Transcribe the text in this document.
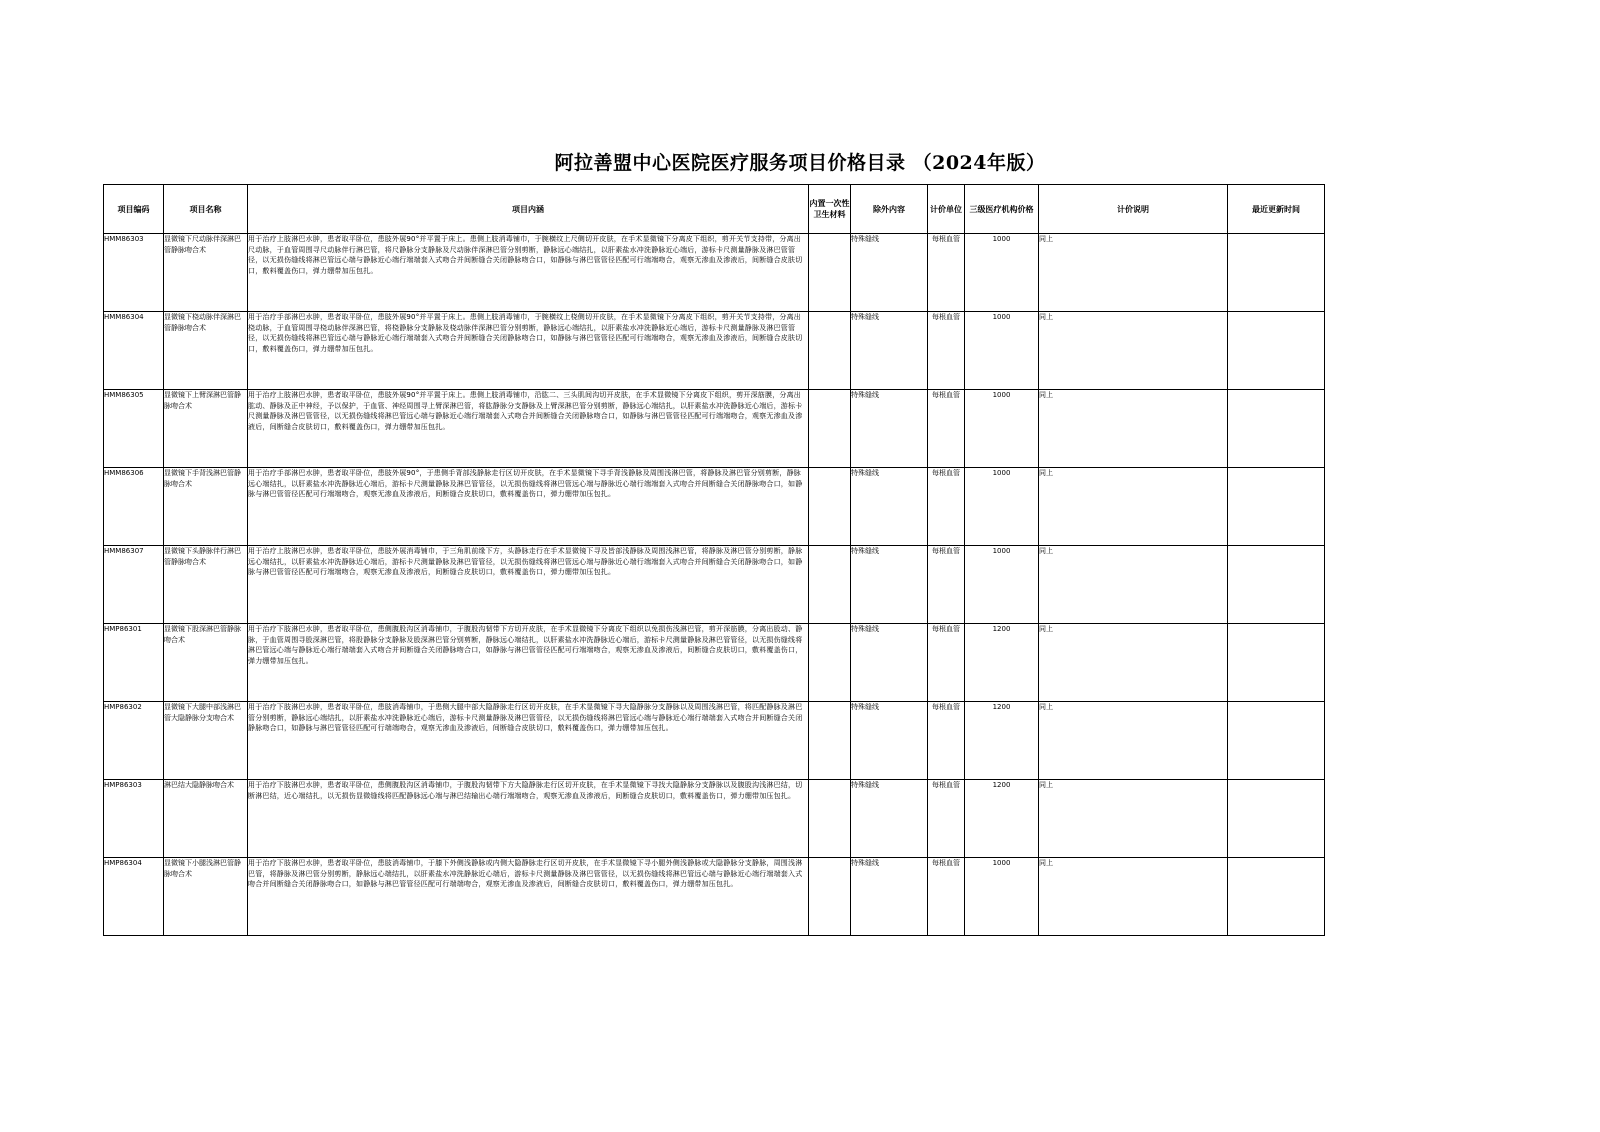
阿拉善盟中心医院医疗服务项目价格目录 （2024年版）
项目编码	项目名称	项目内涵	内置一次性卫生材料	除外内容	计价单位	三级医疗机构价格	计价说明	最近更新时间
HMM86303	显微镜下尺动脉伴深淋巴管静脉吻合术	用于治疗上肢淋巴水肿，患者取平卧位，患肢外展90°并平置于床上。患侧上肢消毒铺巾，于腕横纹上尺侧切开皮肤，在手术显微镜下分离皮下组织，剪开关节支持带，分离出尺动脉，于血管周围寻尺动脉伴行淋巴管，将尺静脉分支静脉及尺动脉伴深淋巴管分别剪断，静脉远心端结扎，以肝素盐水冲洗静脉近心端后，游标卡尺测量静脉及淋巴管管径，以无损伤缝线将淋巴管远心端与静脉近心端行端端套入式吻合并间断缝合关闭静脉吻合口，如静脉与淋巴管管径匹配可行端端吻合，观察无渗血及渗液后，间断缝合皮肤切口，敷料覆盖伤口，弹力绷带加压包扎。		特殊缝线	每根血管	1000	同上	
HMM86304	显微镜下桡动脉伴深淋巴管静脉吻合术	用于治疗手部淋巴水肿，患者取平卧位，患肢外展90°并平置于床上。患侧上肢消毒铺巾，于腕横纹上桡侧切开皮肤，在手术显微镜下分离皮下组织，剪开关节支持带，分离出桡动脉，于血管周围寻桡动脉伴深淋巴管，将桡静脉分支静脉及桡动脉伴深淋巴管分别剪断，静脉远心端结扎，以肝素盐水冲洗静脉近心端后，游标卡尺测量静脉及淋巴管管径，以无损伤缝线将淋巴管远心端与静脉近心端行端端套入式吻合并间断缝合关闭静脉吻合口，如静脉与淋巴管管径匹配可行端端吻合，观察无渗血及渗液后，间断缝合皮肤切口，敷料覆盖伤口，弹力绷带加压包扎。		特殊缝线	每根血管	1000	同上	
HMM86305	显微镜下上臂深淋巴管静脉吻合术	用于治疗上肢淋巴水肿，患者取平卧位，患肢外展90°并平置于床上。患侧上肢消毒铺巾，沿肱二、三头肌间沟切开皮肤，在手术显微镜下分离皮下组织，剪开深筋膜，分离出肱动、静脉及正中神经，予以保护，于血管、神经周围寻上臂深淋巴管，将肱静脉分支静脉及上臂深淋巴管分别剪断，静脉远心端结扎，以肝素盐水冲洗静脉近心端后，游标卡尺测量静脉及淋巴管管径，以无损伤缝线将淋巴管远心端与静脉近心端行端端套入式吻合并间断缝合关闭静脉吻合口，如静脉与淋巴管管径匹配可行端端吻合，观察无渗血及渗液后，间断缝合皮肤切口，敷料覆盖伤口，弹力绷带加压包扎。		特殊缝线	每根血管	1000	同上	
HMM86306	显微镜下手背浅淋巴管静脉吻合术	用于治疗手部淋巴水肿，患者取平卧位，患肢外展90°，于患侧手背部浅静脉走行区切开皮肤，在手术显微镜下寻手背浅静脉及周围浅淋巴管，将静脉及淋巴管分别剪断，静脉远心端结扎，以肝素盐水冲洗静脉近心端后，游标卡尺测量静脉及淋巴管管径，以无损伤缝线将淋巴管远心端与静脉近心端行端端套入式吻合并间断缝合关闭静脉吻合口，如静脉与淋巴管管径匹配可行端端吻合，观察无渗血及渗液后，间断缝合皮肤切口，敷料覆盖伤口，弹力绷带加压包扎。		特殊缝线	每根血管	1000	同上	
HMM86307	显微镜下头静脉伴行淋巴管静脉吻合术	用于治疗上肢淋巴水肿，患者取平卧位，患肢外展消毒铺巾，于三角肌前缘下方，头静脉走行在手术显微镜下寻及皆部浅静脉及周围浅淋巴管，将静脉及淋巴管分别剪断，静脉远心端结扎，以肝素盐水冲洗静脉近心端后，游标卡尺测量静脉及淋巴管管径，以无损伤缝线将淋巴管远心端与静脉近心端行端端套入式吻合并间断缝合关闭静脉吻合口，如静脉与淋巴管管径匹配可行端端吻合，观察无渗血及渗液后，间断缝合皮肤切口，敷料覆盖伤口，弹力绷带加压包扎。		特殊缝线	每根血管	1000	同上	
HMP86301	显微镜下股深淋巴管静脉吻合术	用于治疗下肢淋巴水肿，患者取平卧位，患侧腹股沟区消毒铺巾，于腹股沟韧带下方切开皮肤，在手术显微镜下分离皮下组织以免损伤浅淋巴管，剪开深筋膜，分离出股动、静脉，于血管周围寻股深淋巴管，将股静脉分支静脉及股深淋巴管分别剪断，静脉远心端结扎，以肝素盐水冲洗静脉近心端后，游标卡尺测量静脉及淋巴管管径，以无损伤缝线将淋巴管远心端与静脉近心端行端端套入式吻合并间断缝合关闭静脉吻合口，如静脉与淋巴管管径匹配可行端端吻合，观察无渗血及渗液后，间断缝合皮肤切口，敷料覆盖伤口，弹力绷带加压包扎。		特殊缝线	每根血管	1200	同上	
HMP86302	显微镜下大腿中部浅淋巴管大隐静脉分支吻合术	用于治疗下肢淋巴水肿，患者取平卧位，患肢消毒铺巾，于患侧大腿中部大隐静脉走行区切开皮肤，在手术显微镜下寻大隐静脉分支静脉以及周围浅淋巴管，将匹配静脉及淋巴管分别剪断，静脉远心端结扎，以肝素盐水冲洗静脉近心端后，游标卡尺测量静脉及淋巴管管径，以无损伤缝线将淋巴管远心端与静脉近心端行端端套入式吻合并间断缝合关闭静脉吻合口，如静脉与淋巴管管径匹配可行端端吻合，观察无渗血及渗液后，间断缝合皮肤切口，敷料覆盖伤口，弹力绷带加压包扎。		特殊缝线	每根血管	1200	同上	
HMP86303	淋巴结大隐静脉吻合术	用于治疗下肢淋巴水肿，患者取平卧位，患侧腹股沟区消毒铺巾，于腹股沟韧带下方大隐静脉走行区切开皮肤，在手术显微镜下寻找大隐静脉分支静脉以及腹股沟浅淋巴结，切断淋巴结，近心端结扎，以无损伤显微缝线将匹配静脉远心端与淋巴结输出心端行端端吻合，观察无渗血及渗液后，间断缝合皮肤切口，敷料覆盖伤口，弹力绷带加压包扎。		特殊缝线	每根血管	1200	同上	
HMP86304	显微镜下小腿浅淋巴管静脉吻合术	用于治疗下肢淋巴水肿，患者取平卧位，患肢消毒铺巾，于膝下外侧浅静脉或内侧大隐静脉走行区切开皮肤，在手术显微镜下寻小腿外侧浅静脉或大隐静脉分支静脉，周围浅淋巴管，将静脉及淋巴管分别剪断，静脉远心端结扎，以肝素盐水冲洗静脉近心端后，游标卡尺测量静脉及淋巴管管径，以无损伤缝线将淋巴管远心端与静脉近心端行端端套入式吻合并间断缝合关闭静脉吻合口，如静脉与淋巴管管径匹配可行端端吻合，观察无渗血及渗液后，间断缝合皮肤切口，敷料覆盖伤口，弹力绷带加压包扎。		特殊缝线	每根血管	1000	同上	
